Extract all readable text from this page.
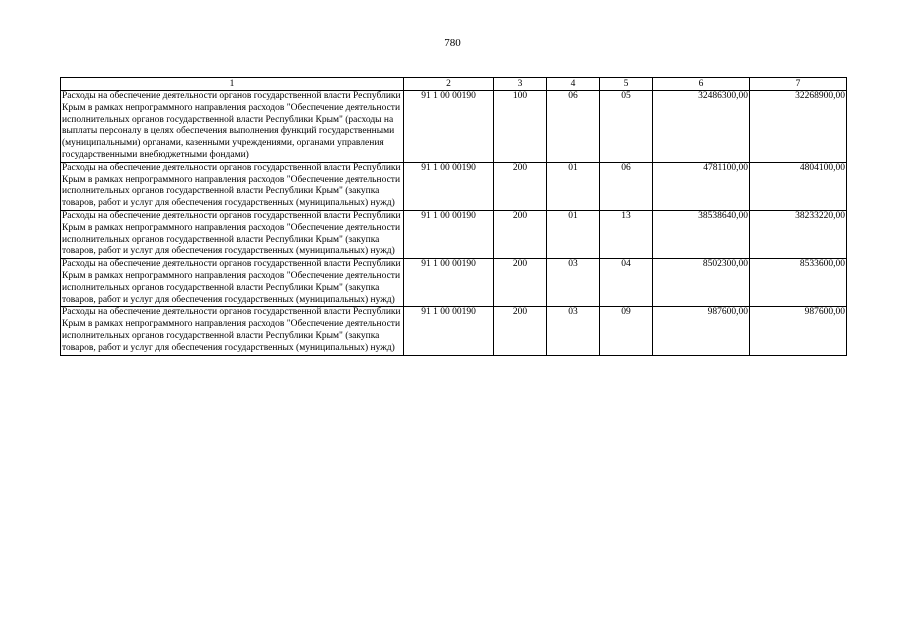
780
1	2	3	4	5	6	7
Расходы на обеспечение деятельности органов государственной власти Республики Крым в рамках непрограммного направления расходов "Обеспечение деятельности исполнительных органов государственной власти Республики Крым" (расходы на выплаты персоналу в целях обеспечения выполнения функций государственными (муниципальными) органами, казенными учреждениями, органами управления государственными внебюджетными фондами)	91 1 00 00190	100	06	05	32486300,00	32268900,00
Расходы на обеспечение деятельности органов государственной власти Республики Крым в рамках непрограммного направления расходов "Обеспечение деятельности исполнительных органов государственной власти Республики Крым" (закупка товаров, работ и услуг для обеспечения государственных (муниципальных) нужд)	91 1 00 00190	200	01	06	4781100,00	4804100,00
Расходы на обеспечение деятельности органов государственной власти Республики Крым в рамках непрограммного направления расходов "Обеспечение деятельности исполнительных органов государственной власти Республики Крым" (закупка товаров, работ и услуг для обеспечения государственных (муниципальных) нужд)	91 1 00 00190	200	01	13	38538640,00	38233220,00
Расходы на обеспечение деятельности органов государственной власти Республики Крым в рамках непрограммного направления расходов "Обеспечение деятельности исполнительных органов государственной власти Республики Крым" (закупка товаров, работ и услуг для обеспечения государственных (муниципальных) нужд)	91 1 00 00190	200	03	04	8502300,00	8533600,00
Расходы на обеспечение деятельности органов государственной власти Республики Крым в рамках непрограммного направления расходов "Обеспечение деятельности исполнительных органов государственной власти Республики Крым" (закупка товаров, работ и услуг для обеспечения государственных (муниципальных) нужд)	91 1 00 00190	200	03	09	987600,00	987600,00
